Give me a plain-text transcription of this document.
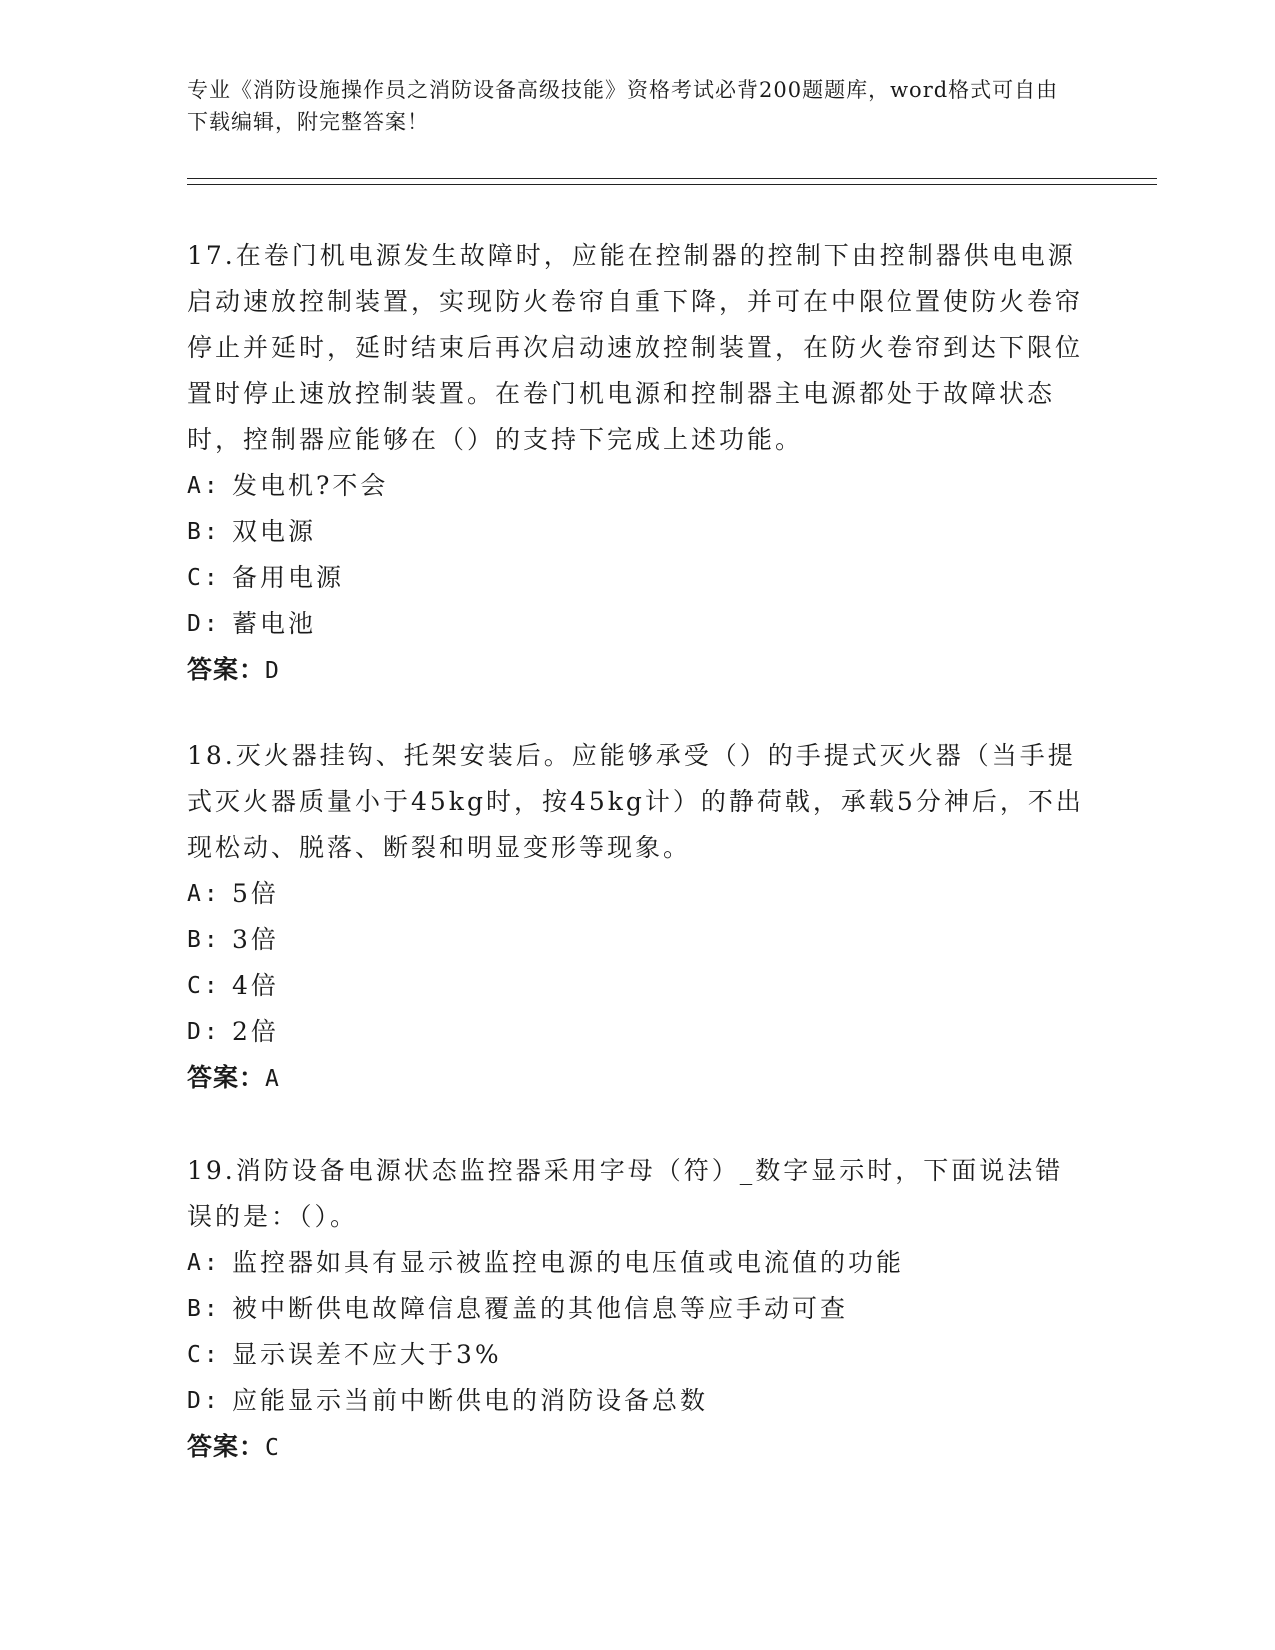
专业《消防设施操作员之消防设备高级技能》资格考试必背200题题库，word格式可自由下载编辑，附完整答案！

17.在卷门机电源发生故障时，应能在控制器的控制下由控制器供电电源启动速放控制装置，实现防火卷帘自重下降，并可在中限位置使防火卷帘停止并延时，延时结束后再次启动速放控制装置，在防火卷帘到达下限位置时停止速放控制装置。在卷门机电源和控制器主电源都处于故障状态时，控制器应能够在（）的支持下完成上述功能。

A: 发电机?不会
B: 双电源
C: 备用电源
D: 蓄电池
答案：D

18.灭火器挂钩、托架安装后。应能够承受（）的手提式灭火器（当手提式灭火器质量小于45kg时，按45kg计）的静荷戟，承载5分神后，不出现松动、脱落、断裂和明显变形等现象。

A: 5倍
B: 3倍
C: 4倍
D: 2倍
答案：A

19.消防设备电源状态监控器采用字母（符）_数字显示时，下面说法错误的是：（）。

A: 监控器如具有显示被监控电源的电压值或电流值的功能
B: 被中断供电故障信息覆盖的其他信息等应手动可查
C: 显示误差不应大于3%
D: 应能显示当前中断供电的消防设备总数
答案：C
